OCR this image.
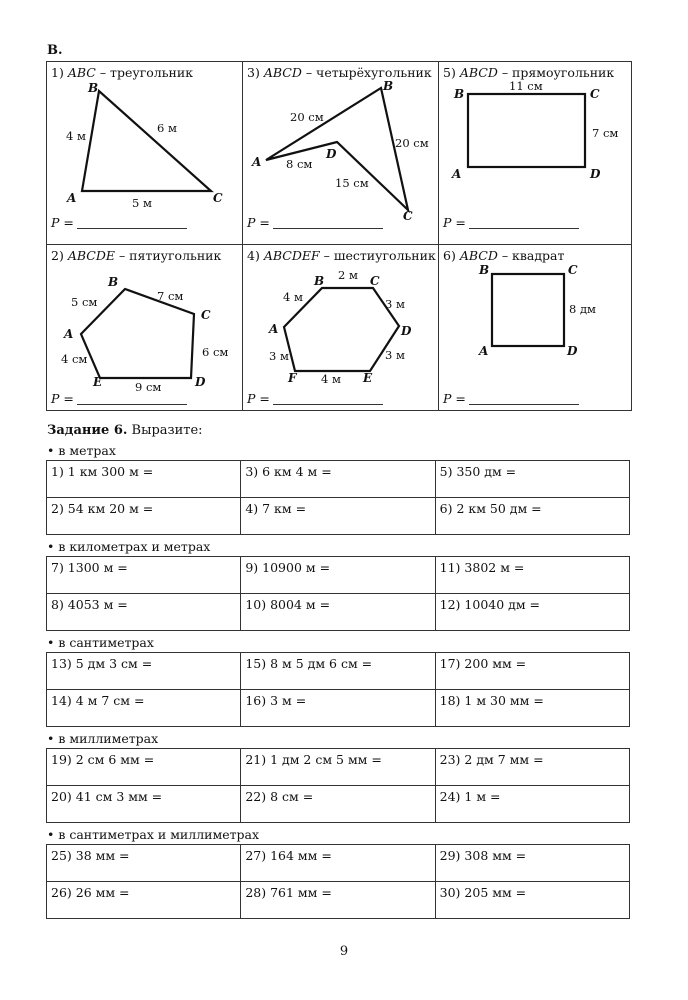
В.
1) ABC – треугольник
B
A	C
4 м
6 м
5 м
P =
3) ABCD – четырёхугольник
B
A
C
D
20 см
8 см
20 см
15 см
P =
5) ABCD – прямоугольник
B	C
A	D
11 см
7 см
P =
2) ABCDE – пятиугольник
B
C
A
D
E
5 см	7 см
6 см
9 см
4 см
P =
4) ABCDEF – шестиугольник
B	C
A	D
E
F
4 м
2 м
3 м
3 м
4 м
3 м
P =
6) ABCD – квадрат
B	C
A	D
8 дм
P =
Задание 6. Выразите:
• в метрах
1) 1 км 300 м =	3) 6 км 4 м =	5) 350 дм =
2) 54 км 20 м =	4) 7 км =	6) 2 км 50 дм =
• в километрах и метрах
7) 1300 м =	9) 10900 м =	11) 3802 м =
8) 4053 м =	10) 8004 м =	12) 10040 дм =
• в сантиметрах
13) 5 дм 3 см =	15) 8 м 5 дм 6 см =	17) 200 мм =
14) 4 м 7 см =	16) 3 м =	18) 1 м 30 мм =
• в миллиметрах
19) 2 см 6 мм =	21) 1 дм 2 см 5 мм =	23) 2 дм 7 мм =
20) 41 см 3 мм =	22) 8 см =	24) 1 м =
• в сантиметрах и миллиметрах
25) 38 мм =	27) 164 мм =	29) 308 мм =
26) 26 мм =	28) 761 мм =	30) 205 мм =
9
